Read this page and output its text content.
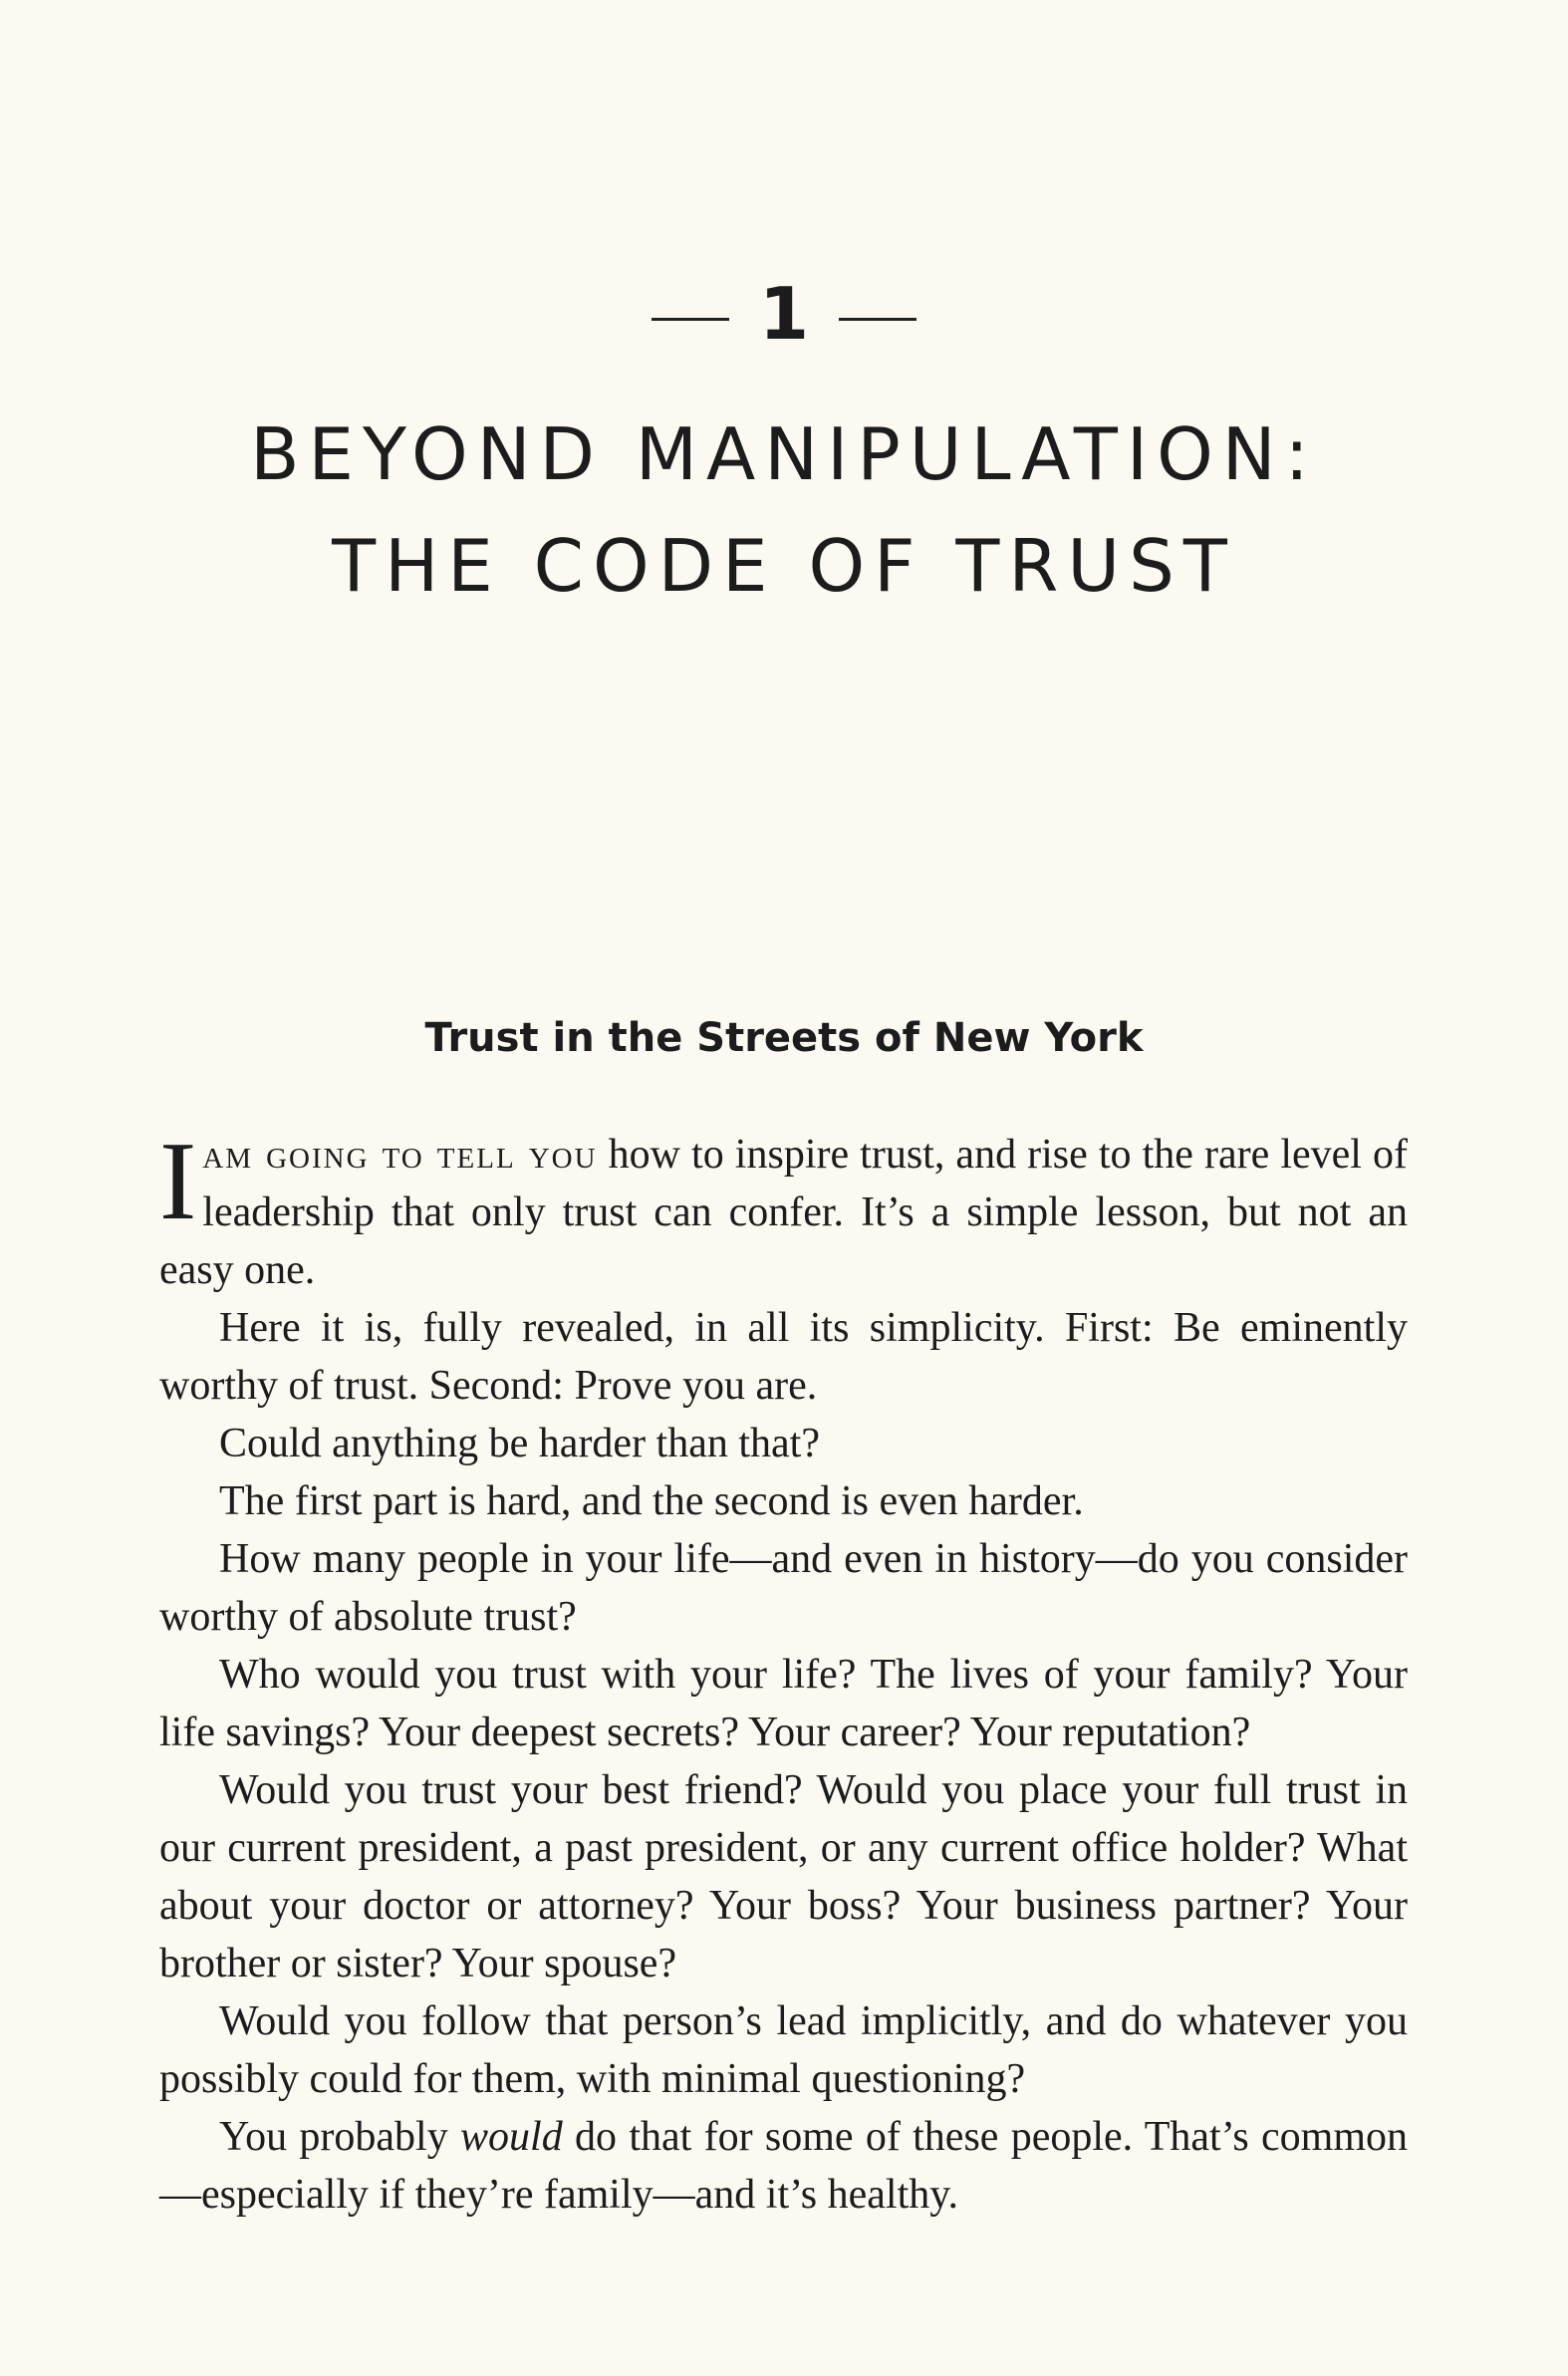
1
BEYOND MANIPULATION:
THE CODE OF TRUST
Trust in the Streets of New York

Iam going to tell you how to inspire trust, and rise to the rare level of leadership that only trust can confer. It’s a simple lesson, but not an easy one.

Here it is, fully revealed, in all its simplicity. First: Be eminently worthy of trust. Second: Prove you are.

Could anything be harder than that?

The first part is hard, and the second is even harder.

How many people in your life—and even in history—do you consider worthy of absolute trust?

Who would you trust with your life? The lives of your family? Your life savings? Your deepest secrets? Your career? Your reputation?

Would you trust your best friend? Would you place your full trust in our current president, a past president, or any current office holder? What about your doctor or attorney? Your boss? Your business partner? Your brother or sister? Your spouse?

Would you follow that person’s lead implicitly, and do whatever you possibly could for them, with minimal questioning?

You probably would do that for some of these people. That’s common—especially if they’re family—and it’s healthy.
